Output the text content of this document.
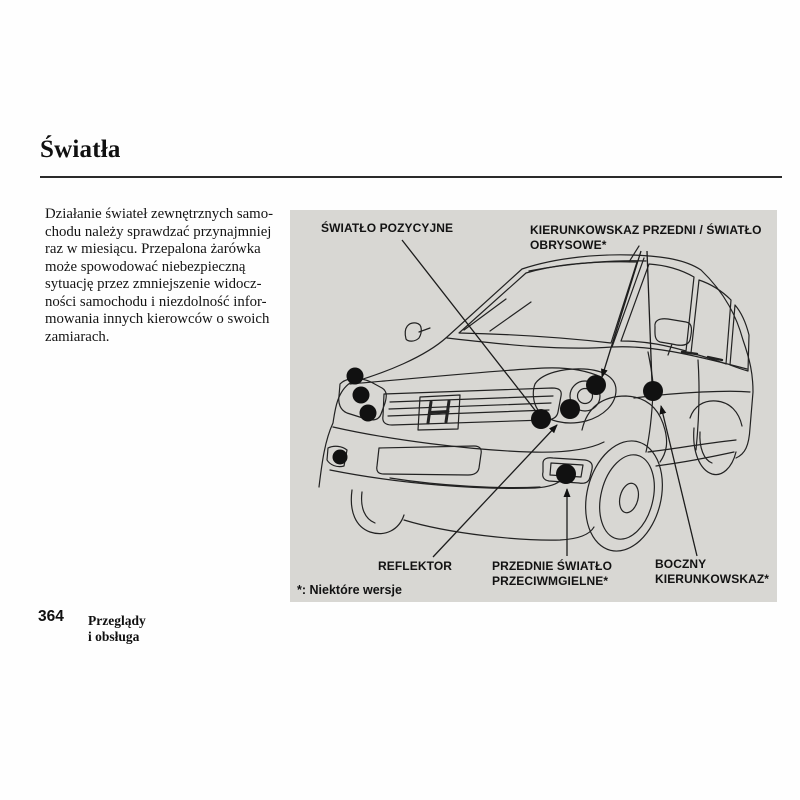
Światła
Działanie świateł zewnętrznych samo-
chodu należy sprawdzać przynajmniej
raz w miesiącu. Przepalona żarówka
może spowodować niebezpieczną
sytuację przez zmniejszenie widocz-
ności samochodu i niezdolność infor-
mowania innych kierowców o swoich
zamiarach.
ŚWIATŁO POZYCYJNE	KIERUNKOWSKAZ PRZEDNI / ŚWIATŁO
OBRYSOWE*
REFLEKTOR	PRZEDNIE ŚWIATŁO
PRZECIWMGIELNE*
BOCZNY
KIERUNKOWSKAZ*
*: Niektóre wersje
364 Przeglądy i obsługa
